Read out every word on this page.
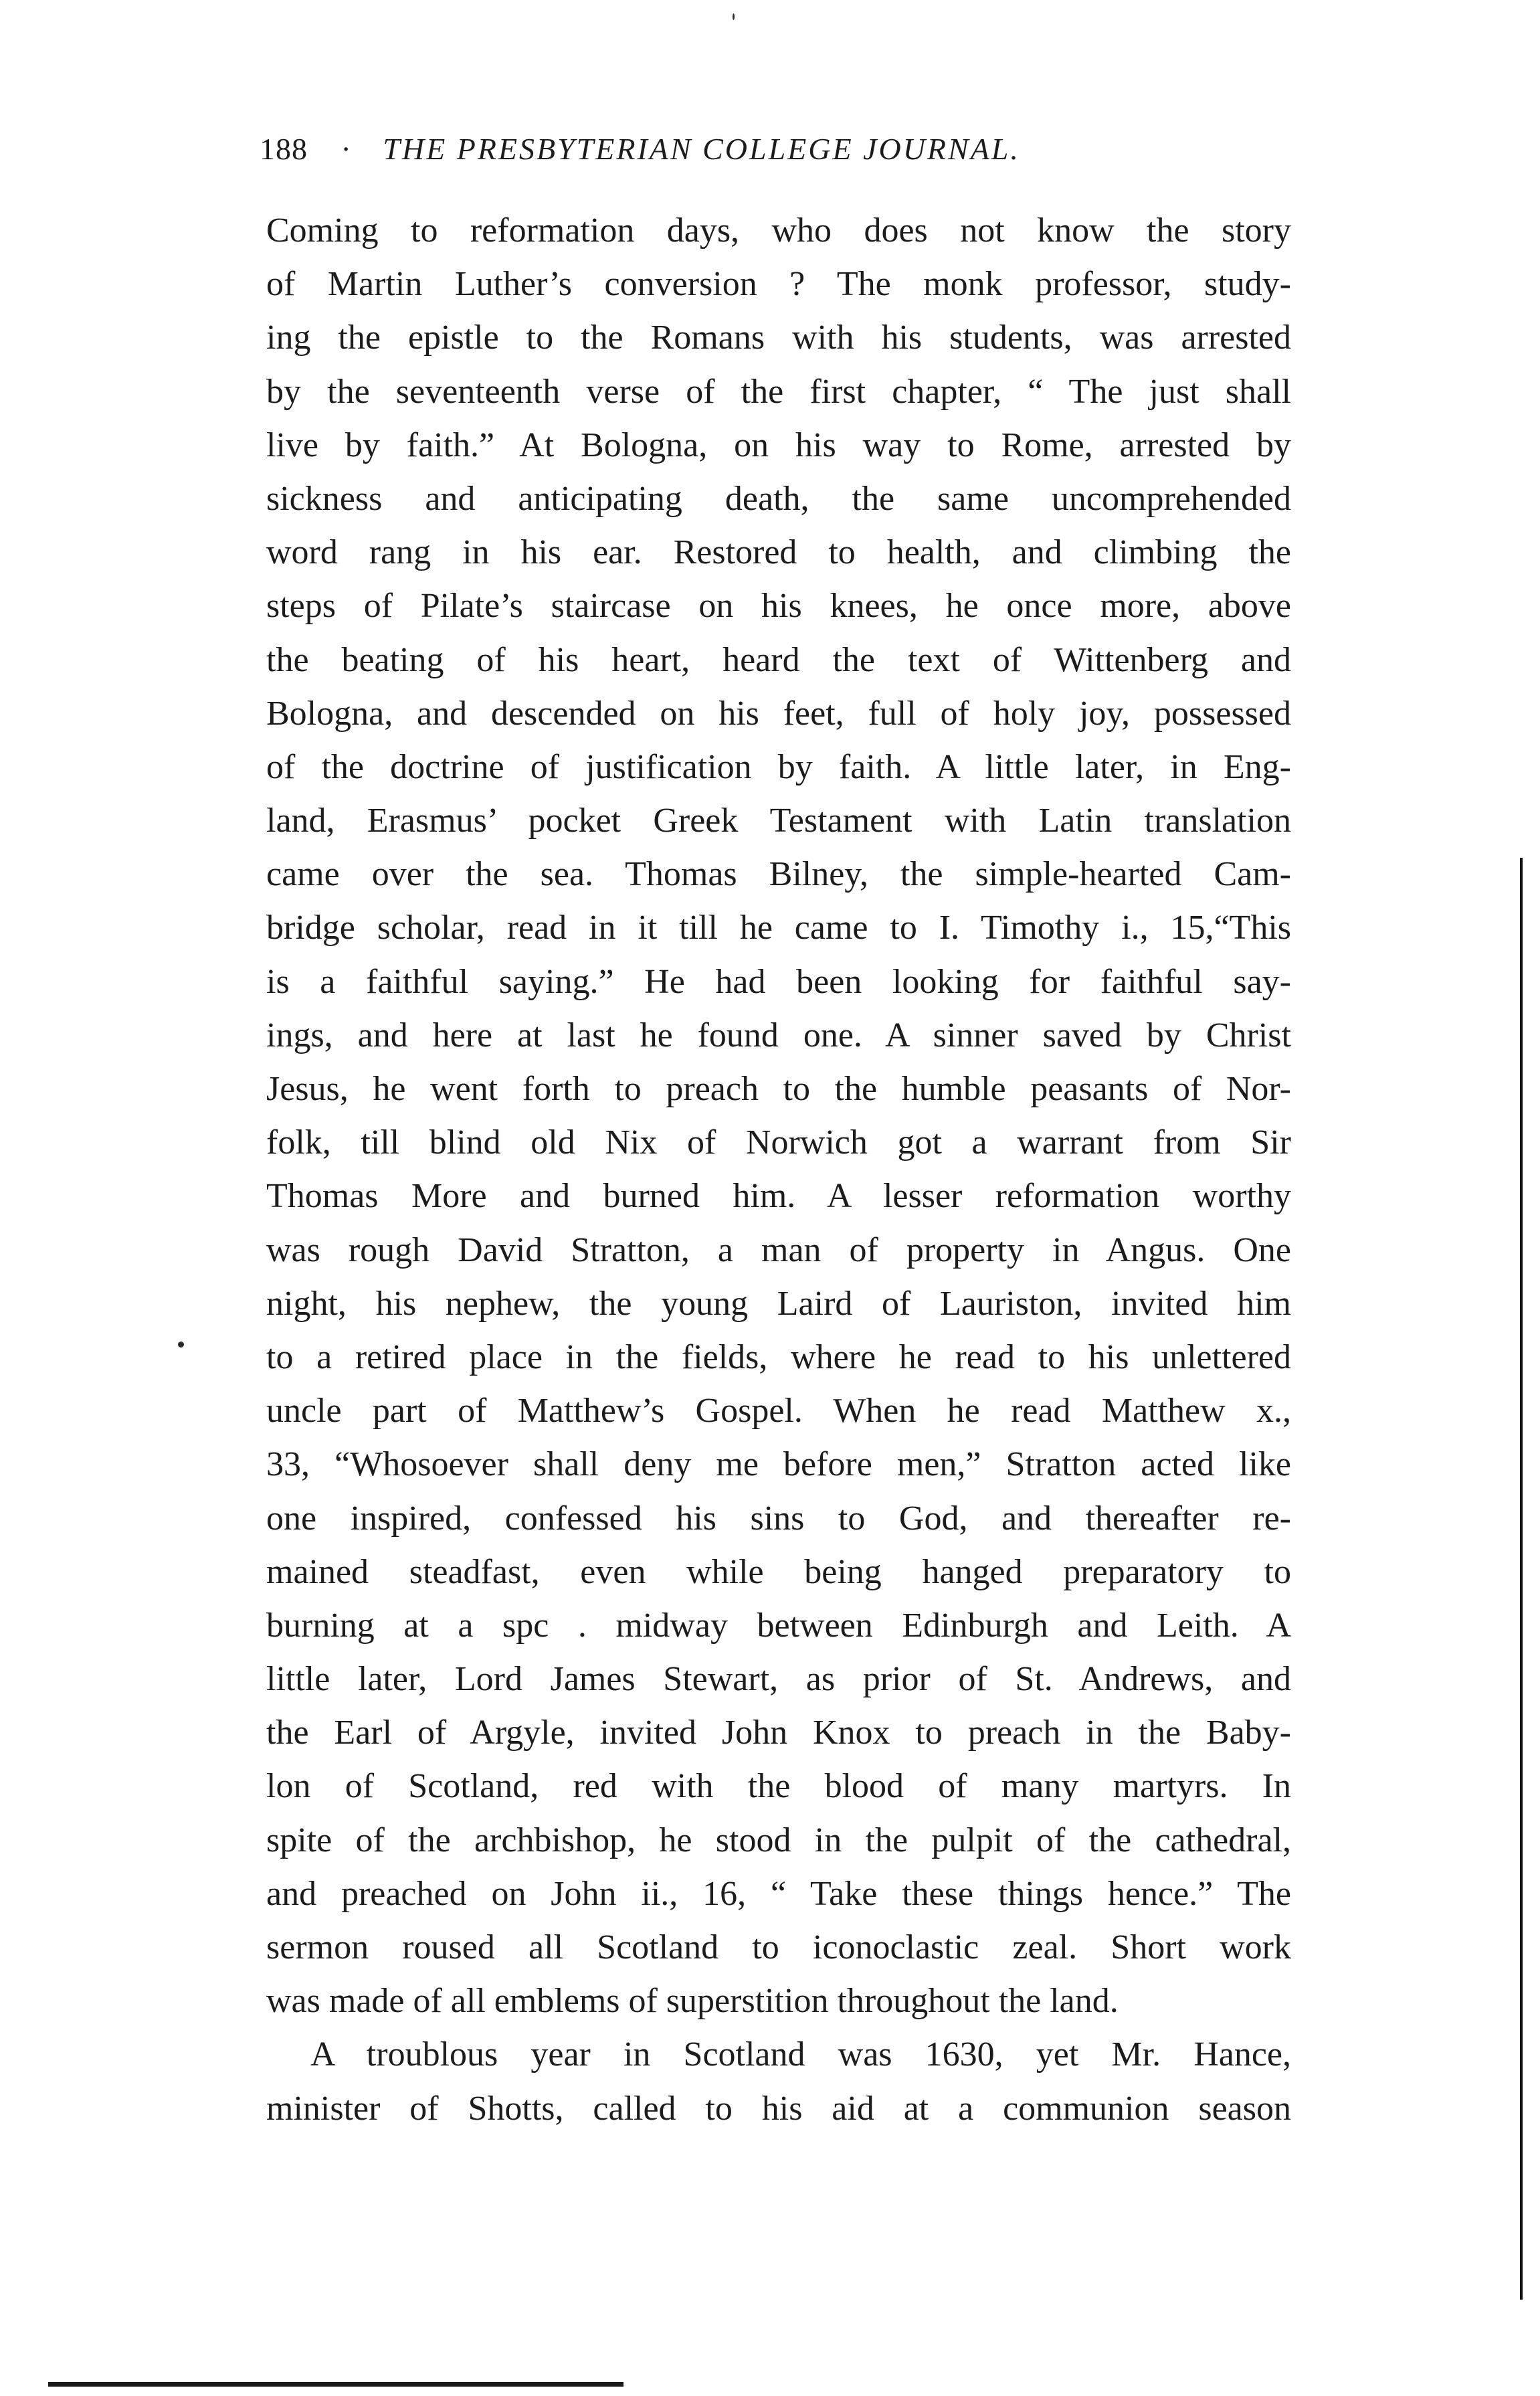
188 · THE PRESBYTERIAN COLLEGE JOURNAL.
Coming to reformation days, who does not know the story
of Martin Luther’s conversion ? The monk professor, study-
ing the epistle to the Romans with his students, was arrested
by the seventeenth verse of the first chapter, “ The just shall
live by faith.” At Bologna, on his way to Rome, arrested by
sickness and anticipating death, the same uncomprehended
word rang in his ear. Restored to health, and climbing the
steps of Pilate’s staircase on his knees, he once more, above
the beating of his heart, heard the text of Wittenberg and
Bologna, and descended on his feet, full of holy joy, possessed
of the doctrine of justification by faith. A little later, in Eng-
land, Erasmus’ pocket Greek Testament with Latin translation
came over the sea. Thomas Bilney, the simple-hearted Cam-
bridge scholar, read in it till he came to I. Timothy i., 15,“This
is a faithful saying.” He had been looking for faithful say-
ings, and here at last he found one. A sinner saved by Christ
Jesus, he went forth to preach to the humble peasants of Nor-
folk, till blind old Nix of Norwich got a warrant from Sir
Thomas More and burned him. A lesser reformation worthy
was rough David Stratton, a man of property in Angus. One
night, his nephew, the young Laird of Lauriston, invited him
to a retired place in the fields, where he read to his unlettered
uncle part of Matthew’s Gospel. When he read Matthew x.,
33, “Whosoever shall deny me before men,” Stratton acted like
one inspired, confessed his sins to God, and thereafter re-
mained steadfast, even while being hanged preparatory to
burning at a spc . midway between Edinburgh and Leith. A
little later, Lord James Stewart, as prior of St. Andrews, and
the Earl of Argyle, invited John Knox to preach in the Baby-
lon of Scotland, red with the blood of many martyrs. In
spite of the archbishop, he stood in the pulpit of the cathedral,
and preached on John ii., 16, “ Take these things hence.” The
sermon roused all Scotland to iconoclastic zeal. Short work
was made of all emblems of superstition throughout the land.
A troublous year in Scotland was 1630, yet Mr. Hance,
minister of Shotts, called to his aid at a communion season
